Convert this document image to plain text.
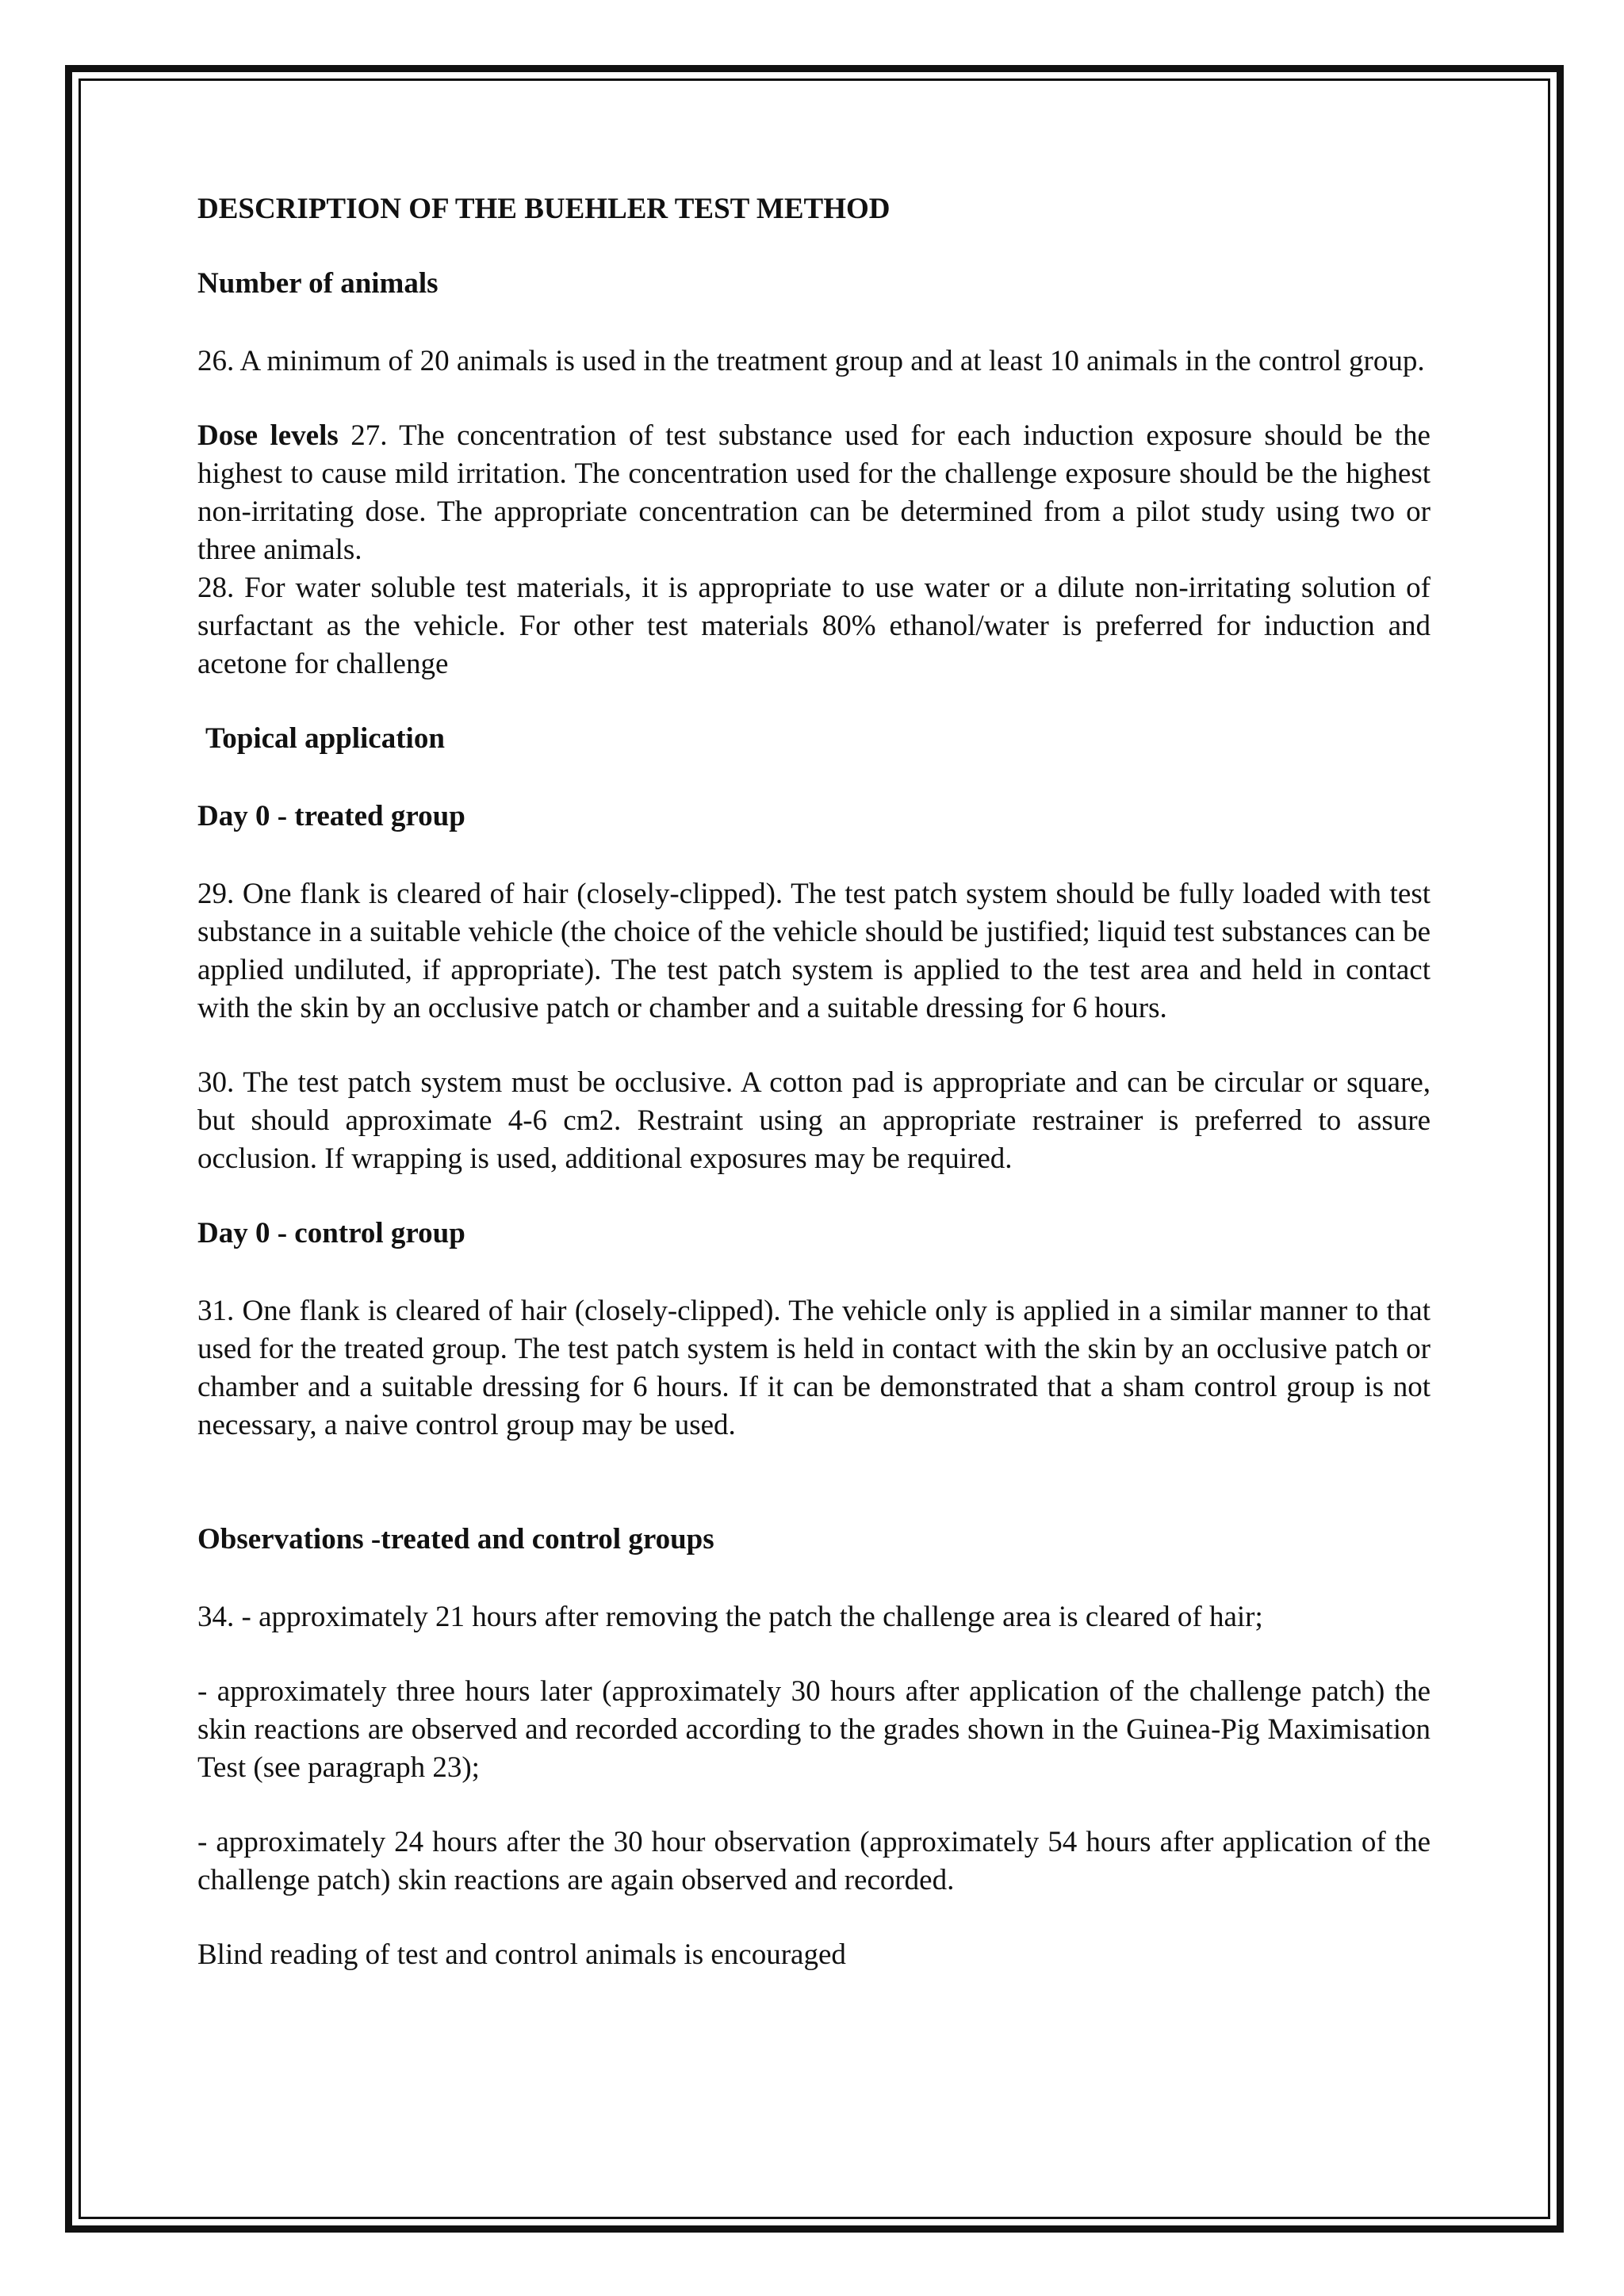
DESCRIPTION OF THE BUEHLER TEST METHOD
Number of animals

26. A minimum of 20 animals is used in the treatment group and at least 10 animals in the control group.

Dose levels 27. The concentration of test substance used for each induction exposure should be the highest to cause mild irritation. The concentration used for the challenge exposure should be the highest non-irritating dose. The appropriate concentration can be determined from a pilot study using two or three animals.

28. For water soluble test materials, it is appropriate to use water or a dilute non-irritating solution of surfactant as the vehicle. For other test materials 80% ethanol/water is preferred for induction and acetone for challenge

Topical application
Day 0 - treated group

29. One flank is cleared of hair (closely-clipped). The test patch system should be fully loaded with test substance in a suitable vehicle (the choice of the vehicle should be justified; liquid test substances can be applied undiluted, if appropriate). The test patch system is applied to the test area and held in contact with the skin by an occlusive patch or chamber and a suitable dressing for 6 hours.

30. The test patch system must be occlusive. A cotton pad is appropriate and can be circular or square, but should approximate 4-6 cm2. Restraint using an appropriate restrainer is preferred to assure occlusion. If wrapping is used, additional exposures may be required.

Day 0 - control group

31. One flank is cleared of hair (closely-clipped). The vehicle only is applied in a similar manner to that used for the treated group. The test patch system is held in contact with the skin by an occlusive patch or chamber and a suitable dressing for 6 hours. If it can be demonstrated that a sham control group is not necessary, a naive control group may be used.

Observations -treated and control groups

34. - approximately 21 hours after removing the patch the challenge area is cleared of hair;

- approximately three hours later (approximately 30 hours after application of the challenge patch) the skin reactions are observed and recorded according to the grades shown in the Guinea-Pig Maximisation Test (see paragraph 23);

- approximately 24 hours after the 30 hour observation (approximately 54 hours after application of the challenge patch) skin reactions are again observed and recorded.

Blind reading of test and control animals is encouraged
